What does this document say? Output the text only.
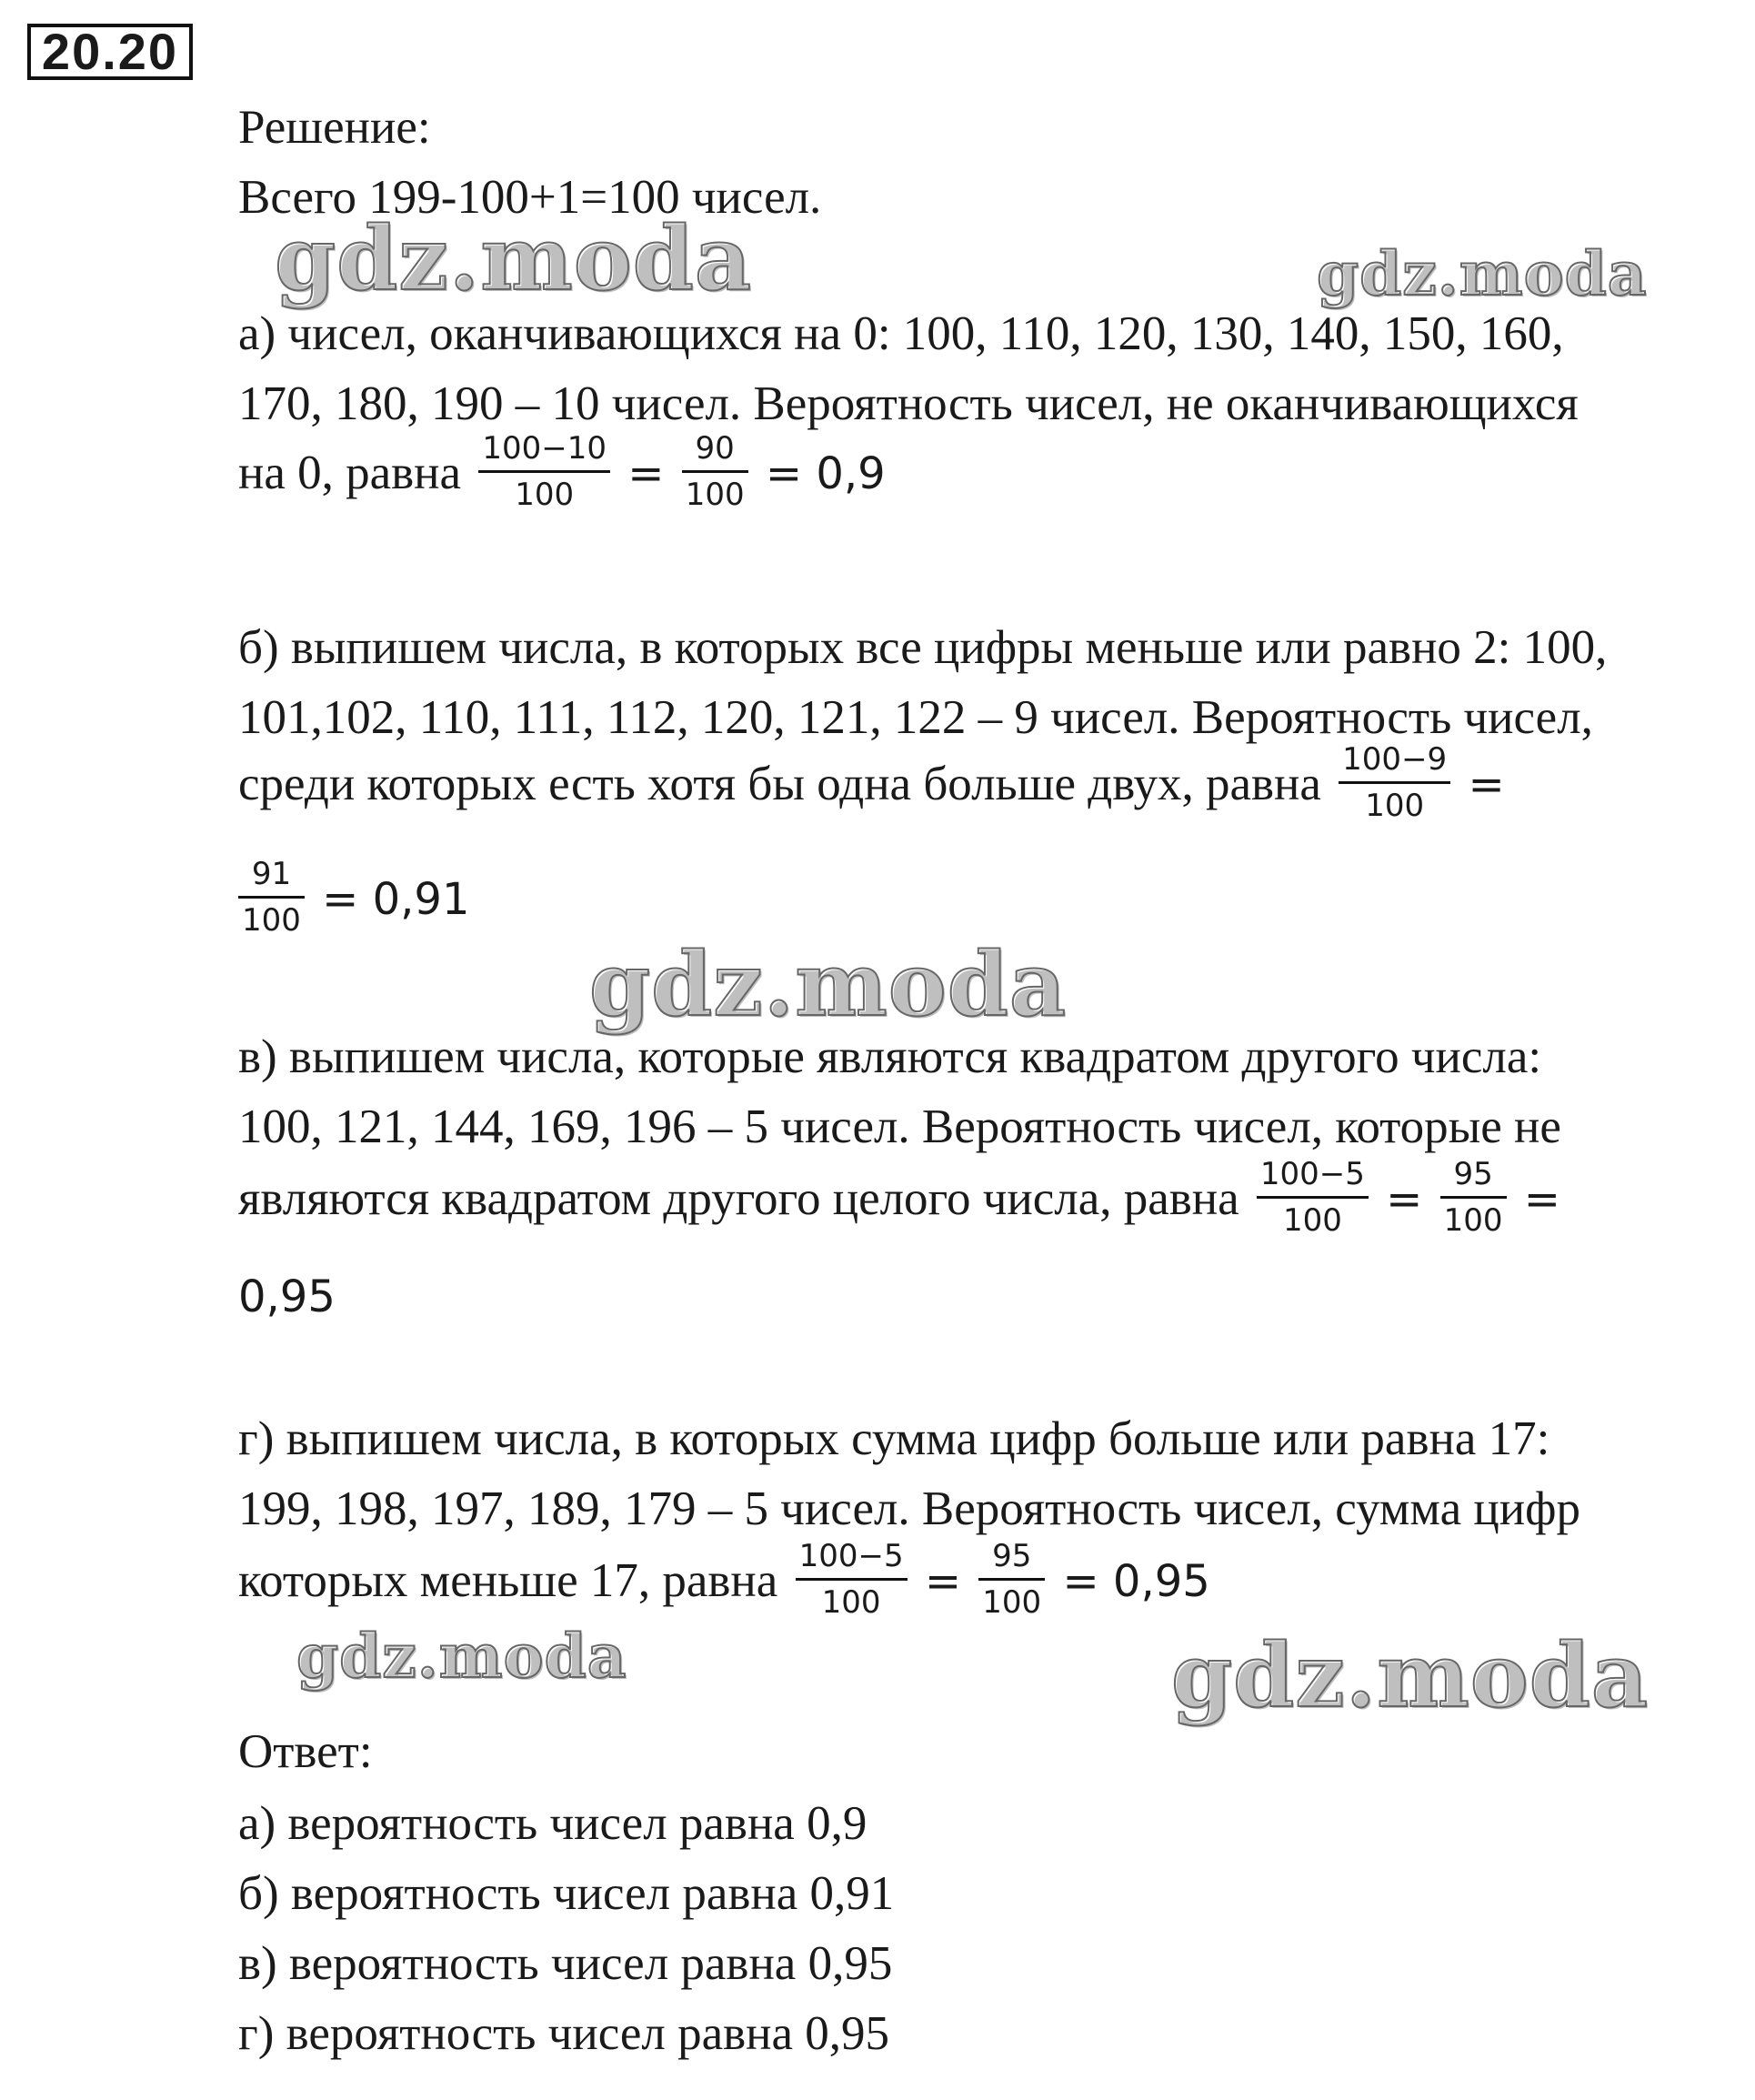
20.20
gdz.moda	gdz.moda
gdz.moda
gdz.moda	gdz.moda
Решение:
Всего 199-100+1=100 чисел.
а) чисел, оканчивающихся на 0: 100, 110, 120, 130, 140, 150, 160,
170, 180, 190 – 10 чисел. Вероятность чисел, не оканчивающихся
на 0, равна $\frac{100-10}{100} = \frac{90}{100} = 0,9$
б) выпишем числа, в которых все цифры меньше или равно 2: 100,
101,102, 110, 111, 112, 120, 121, 122 – 9 чисел. Вероятность чисел,
среди которых есть хотя бы одна больше двух, равна $\frac{100-9}{100}$ =
$\frac{91}{100} = 0,91$
в) выпишем числа, которые являются квадратом другого числа:
100, 121, 144, 169, 196 – 5 чисел. Вероятность чисел, которые не
являются квадратом другого целого числа, равна $\frac{100-5}{100} = \frac{95}{100}$ =
0,95
г) выпишем числа, в которых сумма цифр больше или равна 17:
199, 198, 197, 189, 179 – 5 чисел. Вероятность чисел, сумма цифр
которых меньше 17, равна $\frac{100-5}{100} = \frac{95}{100} = 0,95$
Ответ:
а) вероятность чисел равна 0,9
б) вероятность чисел равна 0,91
в) вероятность чисел равна 0,95
г) вероятность чисел равна 0,95
